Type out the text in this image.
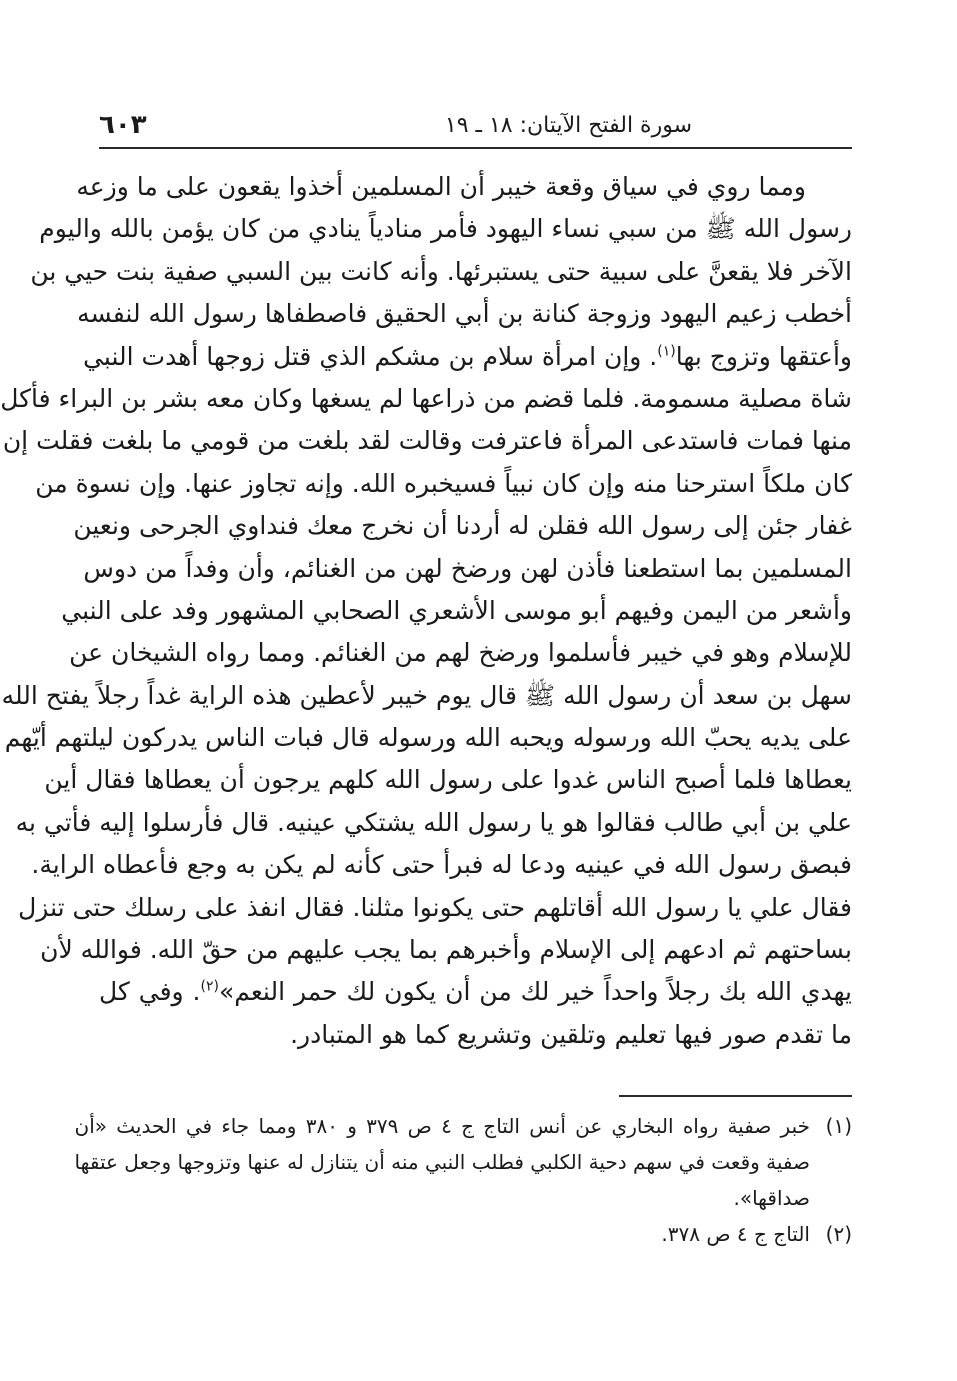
سورة الفتح الآيتان: ١٨ ـ ١٩
٦٠٣
ومما روي في سياق وقعة خيبر أن المسلمين أخذوا يقعون على ما وزعه
رسول الله ﷺ من سبي نساء اليهود فأمر منادياً ينادي من كان يؤمن بالله واليوم
الآخر فلا يقعنَّ على سبية حتى يستبرئها. وأنه كانت بين السبي صفية بنت حيي بن
أخطب زعيم اليهود وزوجة كنانة بن أبي الحقيق فاصطفاها رسول الله لنفسه
وأعتقها وتزوج بها$^{(١)}$. وإن امرأة سلام بن مشكم الذي قتل زوجها أهدت النبي
شاة مصلية مسمومة. فلما قضم من ذراعها لم يسغها وكان معه بشر بن البراء فأكل
منها فمات فاستدعى المرأة فاعترفت وقالت لقد بلغت من قومي ما بلغت فقلت إن
كان ملكاً استرحنا منه وإن كان نبياً فسيخبره الله. وإنه تجاوز عنها. وإن نسوة من
غفار جئن إلى رسول الله فقلن له أردنا أن نخرج معك فنداوي الجرحى ونعين
المسلمين بما استطعنا فأذن لهن ورضخ لهن من الغنائم، وأن وفداً من دوس
وأشعر من اليمن وفيهم أبو موسى الأشعري الصحابي المشهور وفد على النبي
للإسلام وهو في خيبر فأسلموا ورضخ لهم من الغنائم. ومما رواه الشيخان عن
سهل بن سعد أن رسول الله ﷺ قال يوم خيبر لأعطين هذه الراية غداً رجلاً يفتح الله
على يديه يحبّ الله ورسوله ويحبه الله ورسوله قال فبات الناس يدركون ليلتهم أيّهم
يعطاها فلما أصبح الناس غدوا على رسول الله كلهم يرجون أن يعطاها فقال أين
علي بن أبي طالب فقالوا هو يا رسول الله يشتكي عينيه. قال فأرسلوا إليه فأتي به
فبصق رسول الله في عينيه ودعا له فبرأ حتى كأنه لم يكن به وجع فأعطاه الراية.
فقال علي يا رسول الله أقاتلهم حتى يكونوا مثلنا. فقال انفذ على رسلك حتى تنزل
بساحتهم ثم ادعهم إلى الإسلام وأخبرهم بما يجب عليهم من حقّ الله. فوالله لأن
يهدي الله بك رجلاً واحداً خير لك من أن يكون لك حمر النعم»$^{(٢)}$. وفي كل
ما تقدم صور فيها تعليم وتلقين وتشريع كما هو المتبادر.
(١)
خبر صفية رواه البخاري عن أنس التاج ج ٤ ص ٣٧٩ و ٣٨٠ ومما جاء في الحديث «أن
صفية وقعت في سهم دحية الكلبي فطلب النبي منه أن يتنازل له عنها وتزوجها وجعل عتقها
صداقها».
(٢)
التاج ج ٤ ص ٣٧٨.
